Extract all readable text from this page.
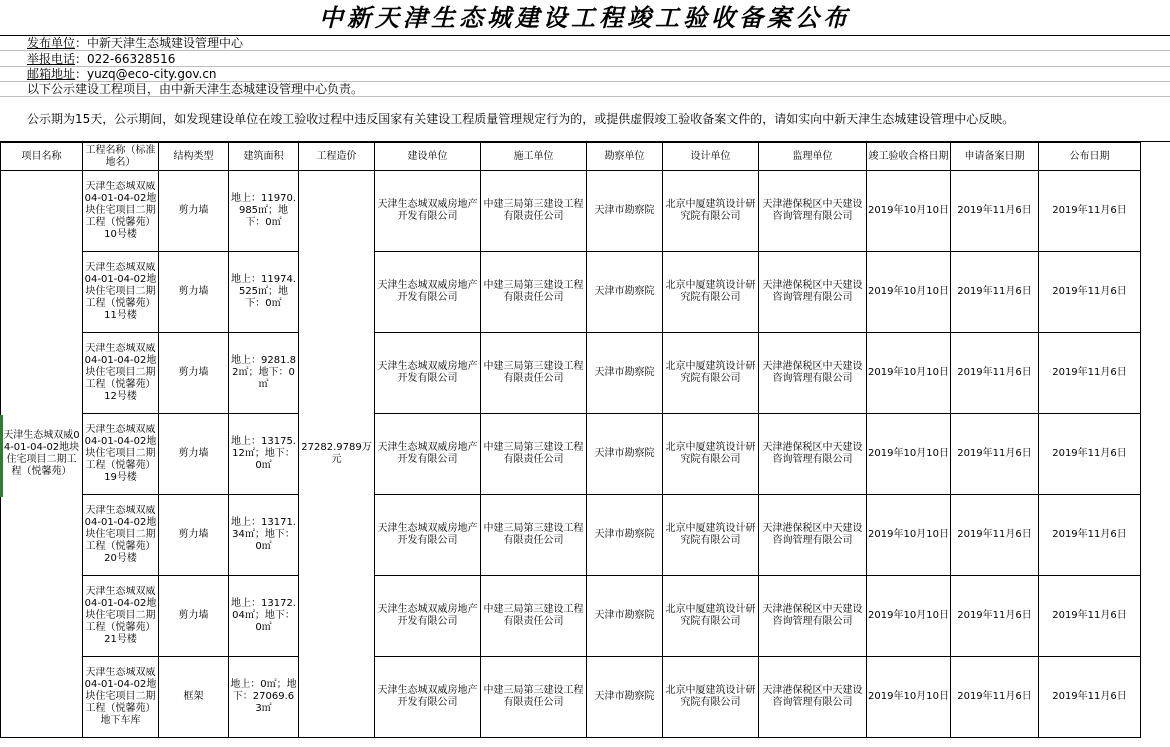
中新天津生态城建设工程竣工验收备案公布
发布单位：中新天津生态城建设管理中心
举报电话：022-66328516
邮箱地址：yuzq@eco-city.gov.cn
以下公示建设工程项目，由中新天津生态城建设管理中心负责。
公示期为15天，公示期间，如发现建设单位在竣工验收过程中违反国家有关建设工程质量管理规定行为的，或提供虚假竣工验收备案文件的，请如实向中新天津生态城建设管理中心反映。
项目名称	工程名称（标准地名）	结构类型	建筑面积	工程造价	建设单位	施工单位	勘察单位	设计单位	监理单位	竣工验收合格日期	申请备案日期	公布日期
天津生态城双威04-01-04-02地块住宅项目二期工程（悦馨苑）	天津生态城双威04-01-04-02地块住宅项目二期工程（悦馨苑）10号楼	剪力墙	地上：11970.985㎡；地下：0㎡	27282.9789万元	天津生态城双威房地产开发有限公司	中建三局第三建设工程有限责任公司	天津市勘察院	北京中厦建筑设计研究院有限公司	天津港保税区中天建设咨询管理有限公司	2019年10月10日	2019年11月6日	2019年11月6日

	天津生态城双威04-01-04-02地块住宅项目二期工程（悦馨苑）11号楼	剪力墙	地上：11974.525㎡；地下：0㎡		天津生态城双威房地产开发有限公司	中建三局第三建设工程有限责任公司	天津市勘察院	北京中厦建筑设计研究院有限公司	天津港保税区中天建设咨询管理有限公司	2019年10月10日	2019年11月6日	2019年11月6日

	天津生态城双威04-01-04-02地块住宅项目二期工程（悦馨苑）12号楼	剪力墙	地上：9281.82㎡；地下：0㎡		天津生态城双威房地产开发有限公司	中建三局第三建设工程有限责任公司	天津市勘察院	北京中厦建筑设计研究院有限公司	天津港保税区中天建设咨询管理有限公司	2019年10月10日	2019年11月6日	2019年11月6日

	天津生态城双威04-01-04-02地块住宅项目二期工程（悦馨苑）19号楼	剪力墙	地上：13175.12㎡；地下：0㎡		天津生态城双威房地产开发有限公司	中建三局第三建设工程有限责任公司	天津市勘察院	北京中厦建筑设计研究院有限公司	天津港保税区中天建设咨询管理有限公司	2019年10月10日	2019年11月6日	2019年11月6日

	天津生态城双威04-01-04-02地块住宅项目二期工程（悦馨苑）20号楼	剪力墙	地上：13171.34㎡；地下：0㎡		天津生态城双威房地产开发有限公司	中建三局第三建设工程有限责任公司	天津市勘察院	北京中厦建筑设计研究院有限公司	天津港保税区中天建设咨询管理有限公司	2019年10月10日	2019年11月6日	2019年11月6日

	天津生态城双威04-01-04-02地块住宅项目二期工程（悦馨苑）21号楼	剪力墙	地上：13172.04㎡；地下：0㎡		天津生态城双威房地产开发有限公司	中建三局第三建设工程有限责任公司	天津市勘察院	北京中厦建筑设计研究院有限公司	天津港保税区中天建设咨询管理有限公司	2019年10月10日	2019年11月6日	2019年11月6日

	天津生态城双威04-01-04-02地块住宅项目二期工程（悦馨苑）地下车库	框架	地上：0㎡；地下：27069.63㎡		天津生态城双威房地产开发有限公司	中建三局第三建设工程有限责任公司	天津市勘察院	北京中厦建筑设计研究院有限公司	天津港保税区中天建设咨询管理有限公司	2019年10月10日	2019年11月6日	2019年11月6日
